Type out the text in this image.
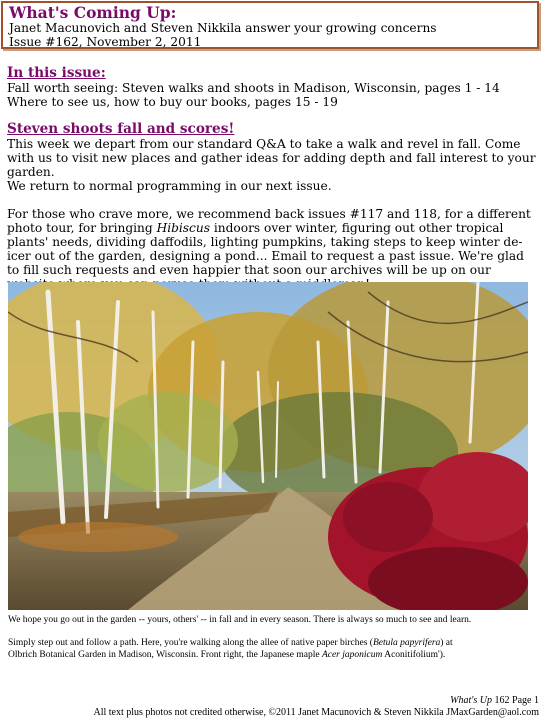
What's Coming Up:
Janet Macunovich and Steven Nikkila answer your growing concerns
Issue #162, November 2, 2011
In this issue:
Fall worth seeing: Steven walks and shoots in Madison, Wisconsin, pages 1 - 14
Where to see us, how to buy our books, pages 15 - 19
Steven shoots fall and scores!
This week we depart from our standard Q&A to take a walk and revel in fall. Come with us to visit new places and gather ideas for adding depth and fall interest to your garden.
We return to normal programming in our next issue.
For those who crave more, we recommend back issues #117 and 118, for a different photo tour, for bringing Hibiscus indoors over winter, figuring out other tropical plants' needs, dividing daffodils, lighting pumpkins, taking steps to keep winter de-icer out of the garden, designing a pond... Email to request a past issue. We're glad to fill such requests and even happier that soon our archives will be up on our
We hope you go out in the garden -- yours, others' -- in fall and in every season. There is always so much to see and learn.
Simply step out and follow a path. Here, you're walking along the allee of native paper birches (Betula papyrifera) at
Olbrich Botanical Garden in Madison, Wisconsin. Front right, the Japanese maple Acer japonicum Aconitifolium').
What's Up 162 Page 1
All text plus photos not credited otherwise, ©2011 Janet Macunovich & Steven Nikkila JMaxGarden@aol.com
